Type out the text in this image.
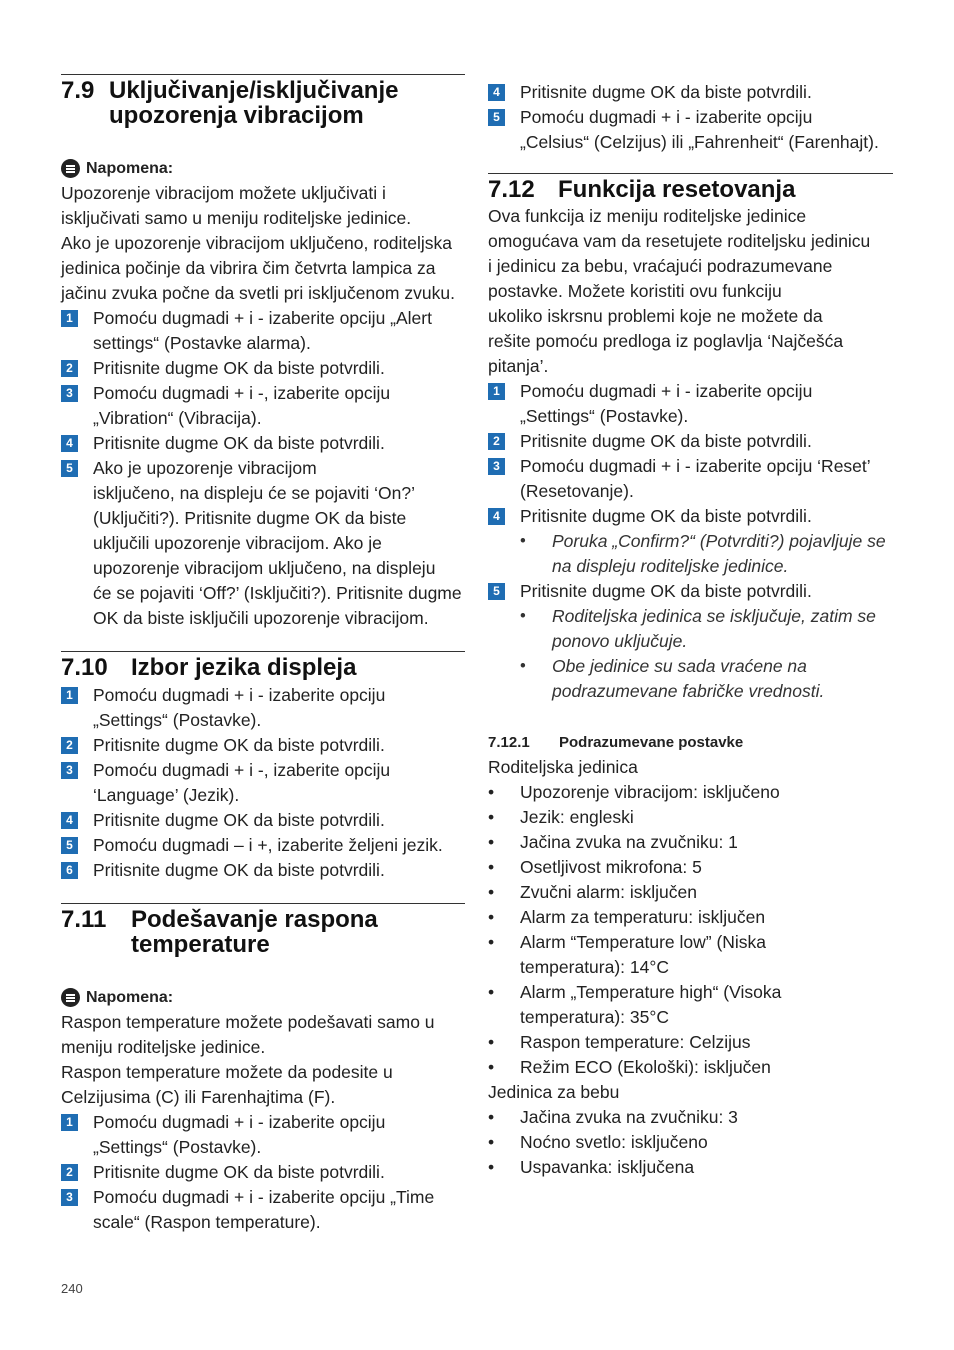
7.9 Uključivanje/isključivanje upozorenja vibracijom
Napomena:
Upozorenje vibracijom možete uključivati i
isključivati samo u meniju roditeljske jedinice.
Ako je upozorenje vibracijom uključeno, roditeljska
jedinica počinje da vibrira čim četvrta lampica za
jačinu zvuka počne da svetli pri isključenom zvuku.
1 Pomoću dugmadi + i - izaberite opciju „Alert
settings“ (Postavke alarma).
2 Pritisnite dugme OK da biste potvrdili.
3 Pomoću dugmadi + i -, izaberite opciju
„Vibration“ (Vibracija).
4 Pritisnite dugme OK da biste potvrdili.
5 Ako je upozorenje vibracijom
isključeno, na displeju će se pojaviti ‘On?’
(Uključiti?). Pritisnite dugme OK da biste
uključili upozorenje vibracijom. Ako je
upozorenje vibracijom uključeno, na displeju
će se pojaviti ‘Off?’ (Isključiti?). Pritisnite dugme
OK da biste isključili upozorenje vibracijom.
7.10 Izbor jezika displeja
1 Pomoću dugmadi + i - izaberite opciju
„Settings“ (Postavke).
2 Pritisnite dugme OK da biste potvrdili.
3 Pomoću dugmadi + i -, izaberite opciju
‘Language’ (Jezik).
4 Pritisnite dugme OK da biste potvrdili.
5 Pomoću dugmadi – i +, izaberite željeni jezik.
6 Pritisnite dugme OK da biste potvrdili.
7.11	Podešavanje raspona temperature
Napomena:
Raspon temperature možete podešavati samo u
meniju roditeljske jedinice.
Raspon temperature možete da podesite u
Celzijusima (C) ili Farenhajtima (F).
1 Pomoću dugmadi + i - izaberite opciju
„Settings“ (Postavke).
2 Pritisnite dugme OK da biste potvrdili.
3 Pomoću dugmadi + i - izaberite opciju „Time
scale“ (Raspon temperature).
4 Pritisnite dugme OK da biste potvrdili.
5 Pomoću dugmadi + i - izaberite opciju
„Celsius“ (Celzijus) ili „Fahrenheit“ (Farenhajt).
7.12 Funkcija resetovanja
Ova funkcija iz meniju roditeljske jedinice
omogućava vam da resetujete roditeljsku jedinicu
i jedinicu za bebu, vraćajući podrazumevane
postavke. Možete koristiti ovu funkciju
ukoliko iskrsnu problemi koje ne možete da
rešite pomoću predloga iz poglavlja ‘Najčešća
pitanja’.
1 Pomoću dugmadi + i - izaberite opciju
„Settings“ (Postavke).
2 Pritisnite dugme OK da biste potvrdili.
3 Pomoću dugmadi + i - izaberite opciju ‘Reset’
(Resetovanje).
4 Pritisnite dugme OK da biste potvrdili.
•	Poruka „Confirm?“ (Potvrditi?) pojavljuje se
na displeju roditeljske jedinice.
5 Pritisnite dugme OK da biste potvrdili.
•	Roditeljska jedinica se isključuje, zatim se
ponovo uključuje.
•	Obe jedinice su sada vraćene na
podrazumevane fabričke vrednosti.
7.12.1	Podrazumevane postavke

Roditeljska jedinica

•	Upozorenje vibracijom: isključeno
•	Jezik: engleski
•	Jačina zvuka na zvučniku: 1
•	Osetljivost mikrofona: 5
•	Zvučni alarm: isključen
•	Alarm za temperaturu: isključen
•	Alarm “Temperature low” (Niska
temperatura): 14°C
•	Alarm „Temperature high“ (Visoka
temperatura): 35°C
•	Raspon temperature: Celzijus
•	Režim ECO (Ekološki): isključen

Jedinica za bebu

•	Jačina zvuka na zvučniku: 3
•	Noćno svetlo: isključeno
•	Uspavanka: isključena
240
